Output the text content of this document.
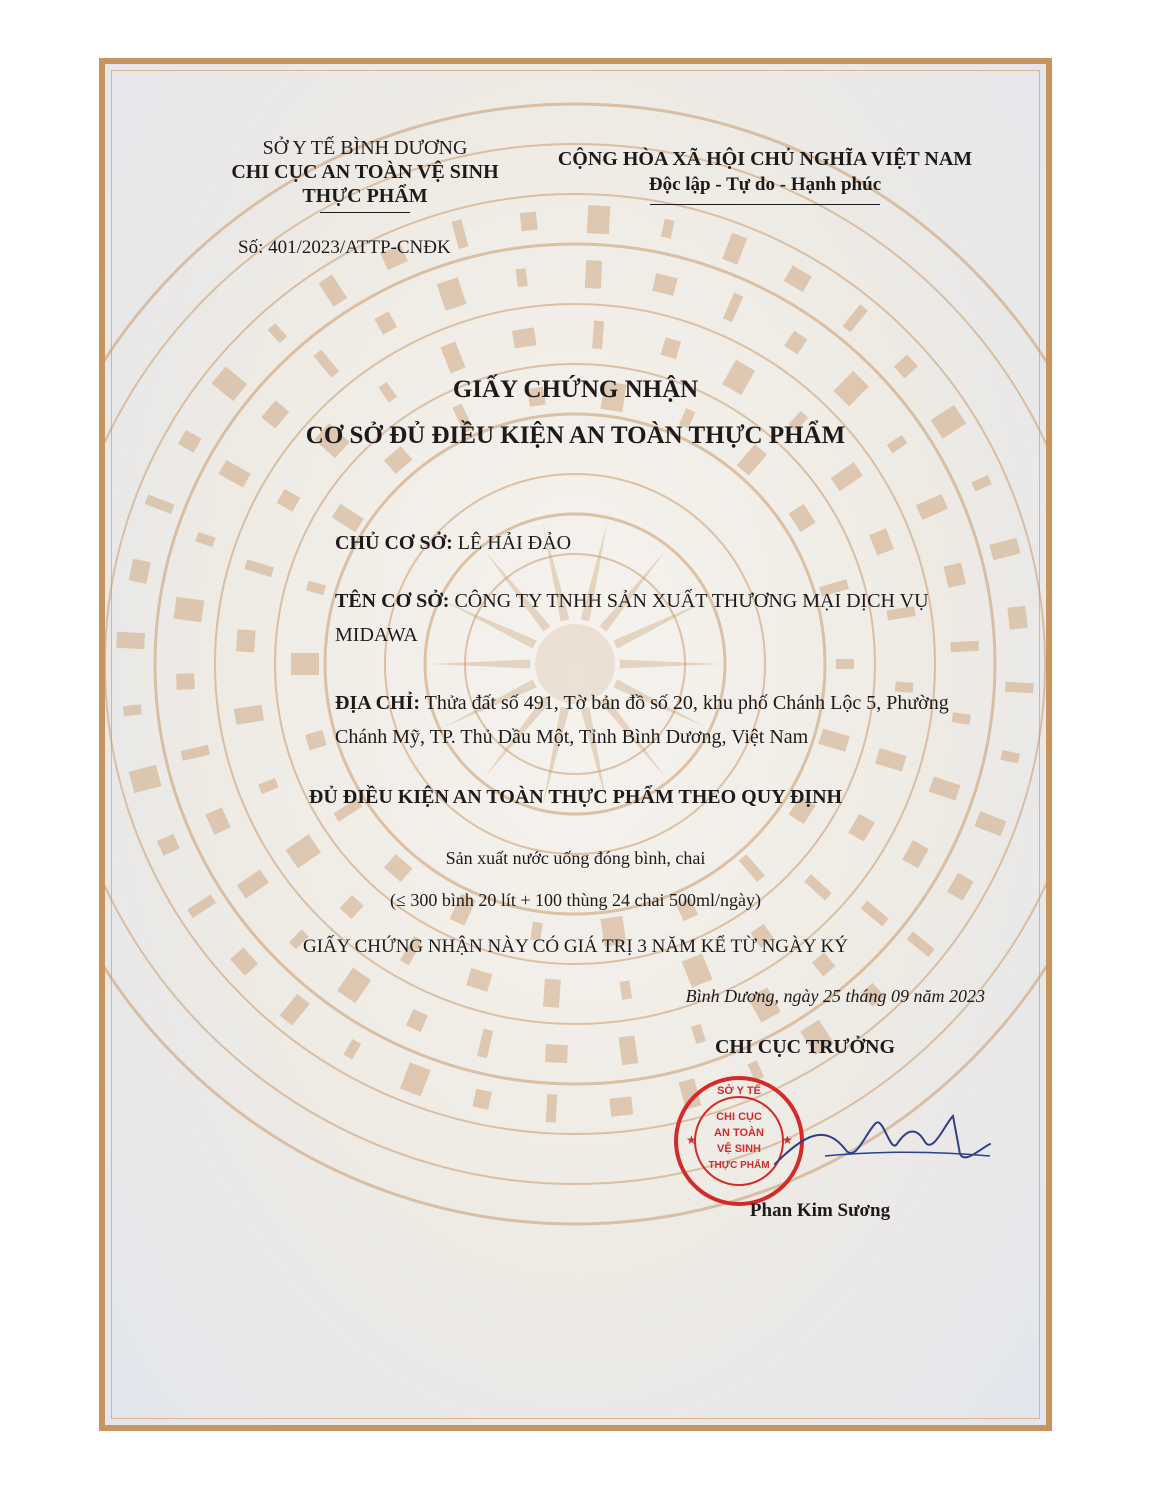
SỞ Y TẾ BÌNH DƯƠNG
CHI CỤC AN TOÀN VỆ SINH THỰC PHẨM
Số: 401/2023/ATTP-CNĐK
CỘNG HÒA XÃ HỘI CHỦ NGHĨA VIỆT NAM
Độc lập - Tự do - Hạnh phúc
GIẤY CHỨNG NHẬN
CƠ SỞ ĐỦ ĐIỀU KIỆN AN TOÀN THỰC PHẨM
CHỦ CƠ SỞ: LÊ HẢI ĐẢO
TÊN CƠ SỞ: CÔNG TY TNHH SẢN XUẤT THƯƠNG MẠI DỊCH VỤ MIDAWA
ĐỊA CHỈ: Thửa đất số 491, Tờ bản đồ số 20, khu phố Chánh Lộc 5, Phường Chánh Mỹ, TP. Thủ Dầu Một, Tỉnh Bình Dương, Việt Nam
ĐỦ ĐIỀU KIỆN AN TOÀN THỰC PHẨM THEO QUY ĐỊNH
Sản xuất nước uống đóng bình, chai
(≤ 300 bình 20 lít + 100 thùng 24 chai 500ml/ngày)
GIẤY CHỨNG NHẬN NÀY CÓ GIÁ TRỊ 3 NĂM KỂ TỪ NGÀY KÝ
Bình Dương, ngày 25 tháng 09 năm 2023
CHI CỤC TRƯỞNG
SỞ Y TẾ
CHI CỤC
AN TOÀN
VỆ SINH
THỰC PHẨM
★	★
Phan Kim Sương
